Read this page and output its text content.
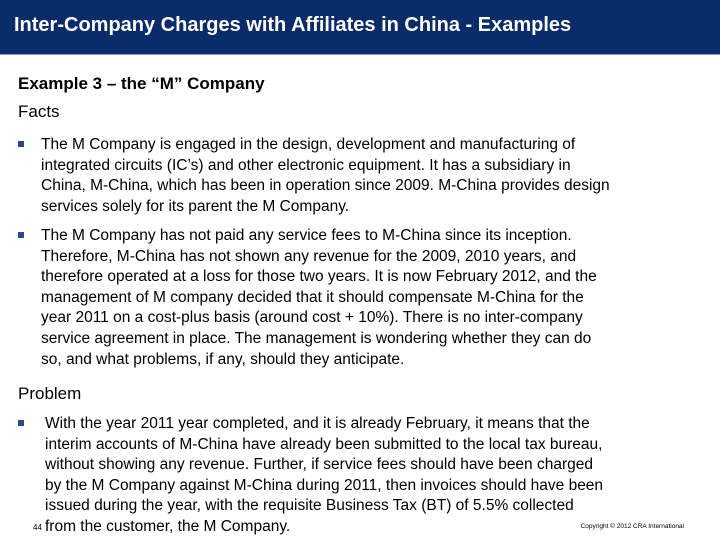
Inter-Company Charges with Affiliates in China - Examples
Example 3 – the “M” Company
Facts
The M Company is engaged in the design, development and manufacturing of
integrated circuits (IC’s) and other electronic equipment. It has a subsidiary in
China, M-China, which has been in operation since 2009. M-China provides design
services solely for its parent the M Company.
The M Company has not paid any service fees to M-China since its inception.
Therefore, M-China has not shown any revenue for the 2009, 2010 years, and
therefore operated at a loss for those two years. It is now February 2012, and the
management of M company decided that it should compensate M-China for the
year 2011 on a cost-plus basis (around cost + 10%). There is no inter-company
service agreement in place. The management is wondering whether they can do
so, and what problems, if any, should they anticipate.
Problem
With the year 2011 year completed, and it is already February, it means that the
interim accounts of M-China have already been submitted to the local tax bureau,
without showing any revenue. Further, if service fees should have been charged
by the M Company against M-China during 2011, then invoices should have been
issued during the year, with the requisite Business Tax (BT) of 5.5% collected
from the customer, the M Company.
44	Copyright © 2012 CRA International
